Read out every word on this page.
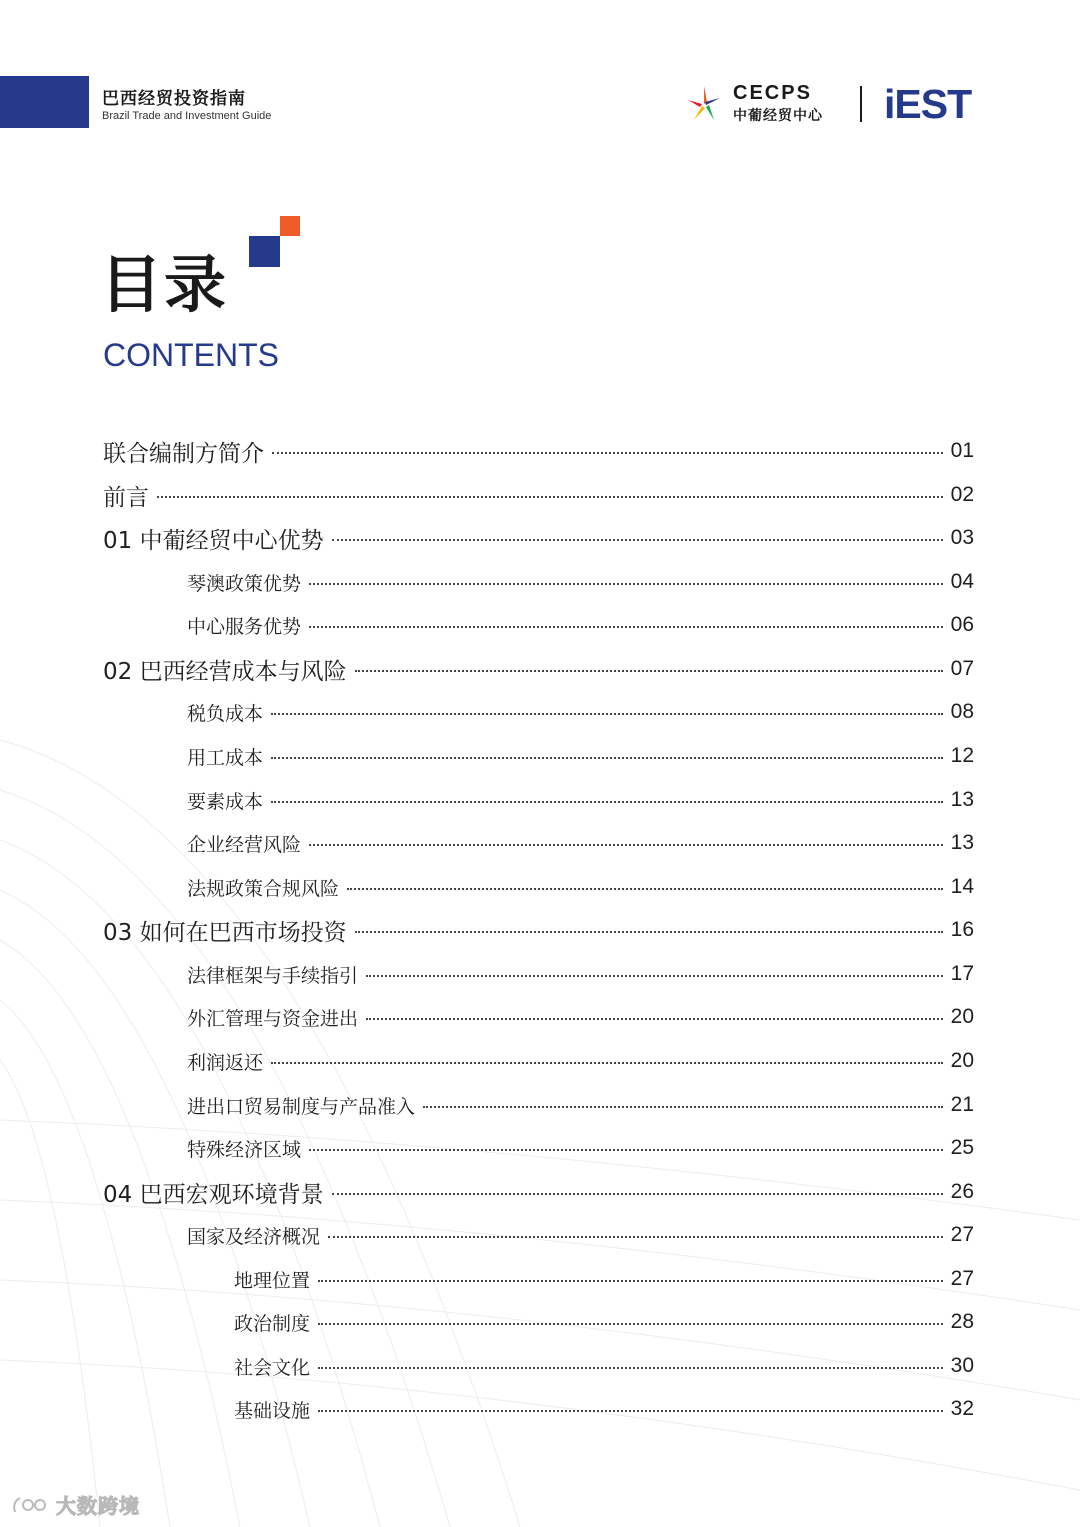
巴西经贸投资指南
Brazil Trade and Investment Guide
CECPS
中葡经贸中心 iEST
目录
CONTENTS
联合编制方简介	01
前言	02
01 中葡经贸中心优势	03
琴澳政策优势	04
中心服务优势	06
02 巴西经营成本与风险	07
税负成本	08
用工成本	12
要素成本	13
企业经营风险	13
法规政策合规风险	14
03 如何在巴西市场投资	16
法律框架与手续指引	17
外汇管理与资金进出	20
利润返还	20
进出口贸易制度与产品准入	21
特殊经济区域	25
04 巴西宏观环境背景	26
国家及经济概况	27
地理位置	27
政治制度	28
社会文化	30
基础设施	32
大数跨境
